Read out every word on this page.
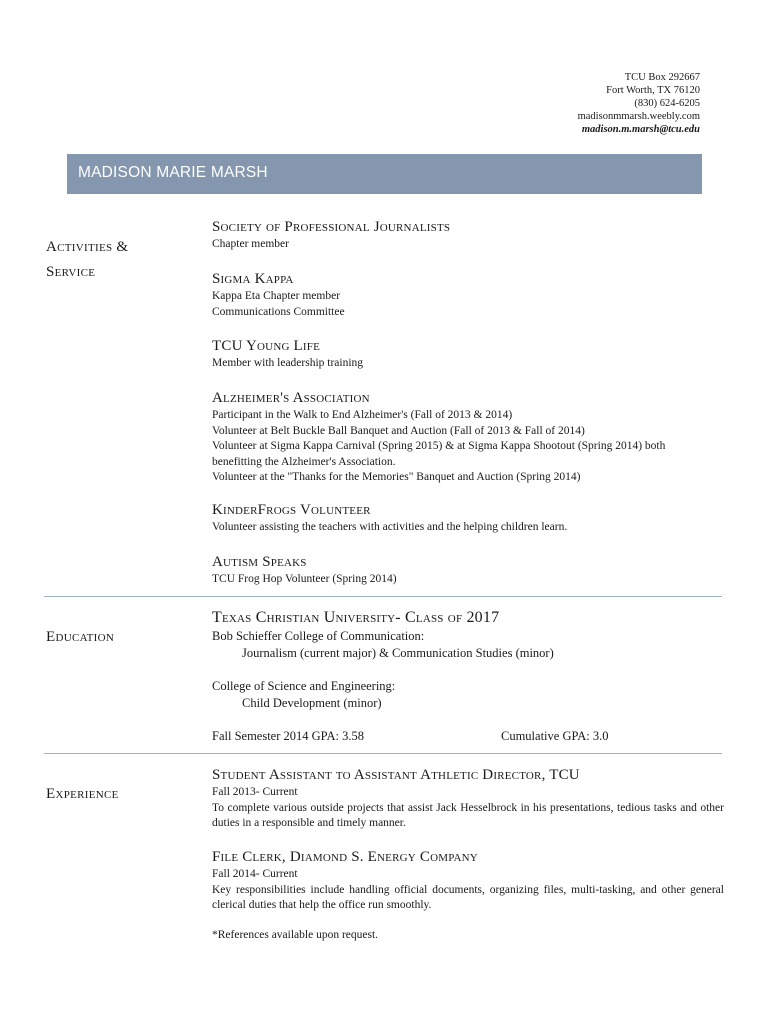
TCU Box 292667
Fort Worth, TX 76120
(830) 624-6205
madisonmmarsh.weebly.com
madison.m.marsh@tcu.edu
MADISON MARIE MARSH
Activities &
Service
Society of Professional Journalists
Chapter member
Sigma Kappa
Kappa Eta Chapter member
Communications Committee
TCU Young Life
Member with leadership training
Alzheimer's Association
Participant in the Walk to End Alzheimer's (Fall of 2013 & 2014)
Volunteer at Belt Buckle Ball Banquet and Auction (Fall of 2013 & Fall of 2014)
Volunteer at Sigma Kappa Carnival (Spring 2015) & at Sigma Kappa Shootout (Spring 2014) both
benefitting the Alzheimer's Association.
Volunteer at the "Thanks for the Memories" Banquet and Auction (Spring 2014)
KinderFrogs Volunteer
Volunteer assisting the teachers with activities and the helping children learn.
Autism Speaks
TCU Frog Hop Volunteer (Spring 2014)
Education
Texas Christian University- Class of 2017
Bob Schieffer College of Communication:
Journalism (current major) & Communication Studies (minor)
College of Science and Engineering:
Child Development (minor)
Fall Semester 2014 GPA: 3.58	Cumulative GPA: 3.0
Experience
Student Assistant to Assistant Athletic Director, TCU
Fall 2013- Current
To complete various outside projects that assist Jack Hesselbrock in his presentations, tedious tasks and other duties in a responsible and timely manner.
File Clerk, Diamond S. Energy Company
Fall 2014- Current
Key responsibilities include handling official documents, organizing files, multi-tasking, and other general clerical duties that help the office run smoothly.
*References available upon request.
